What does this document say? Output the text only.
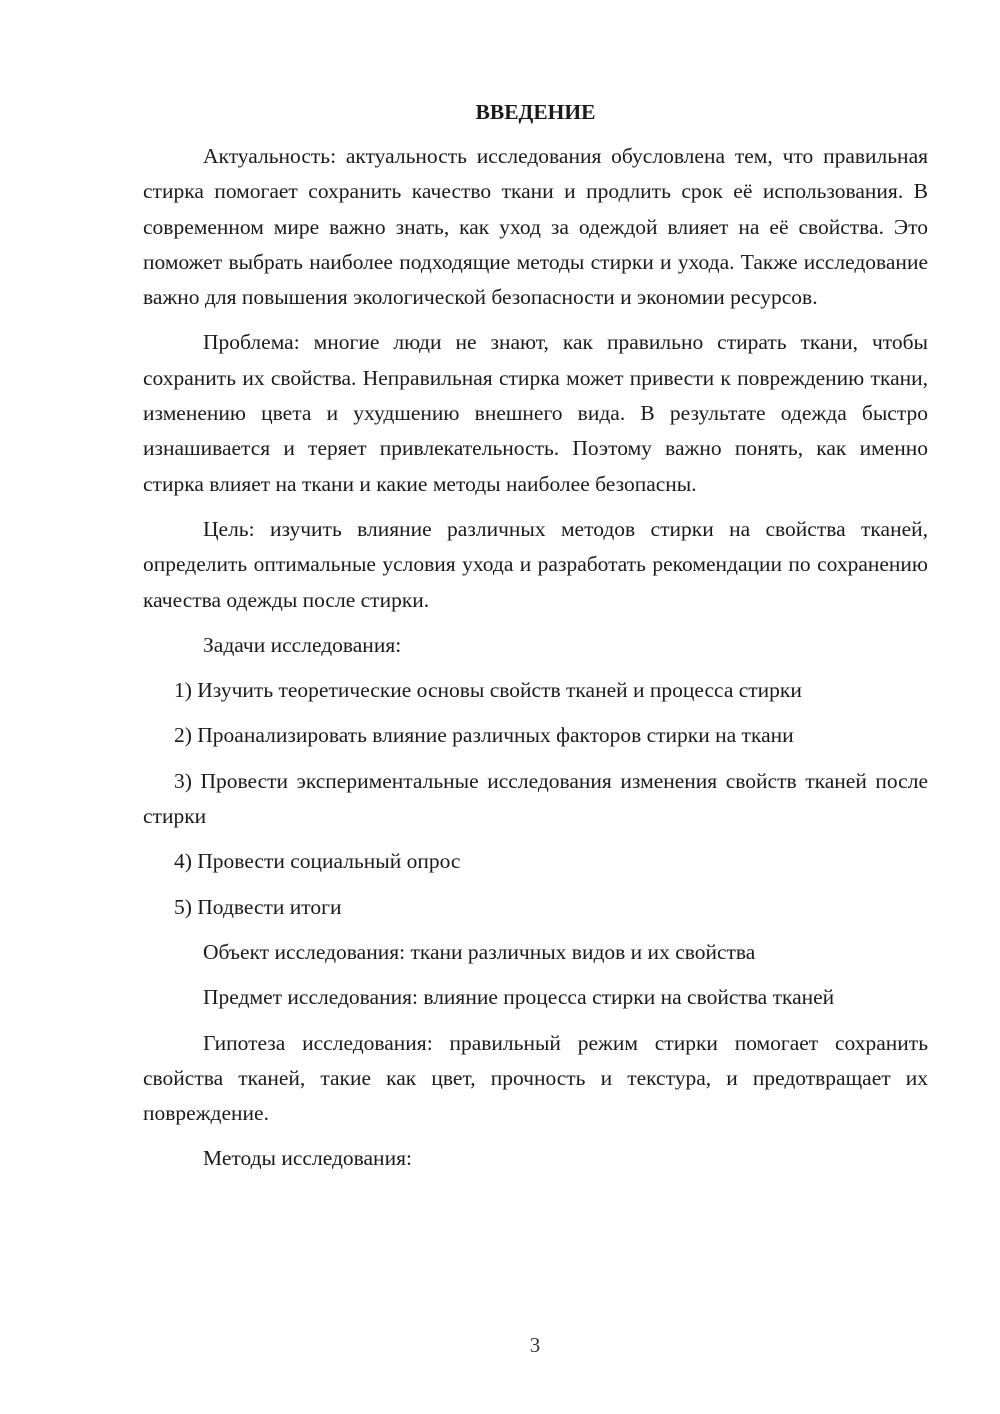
ВВЕДЕНИЕ

Актуальность: актуальность исследования обусловлена тем, что правильная стирка помогает сохранить качество ткани и продлить срок её использования. В современном мире важно знать, как уход за одеждой влияет на её свойства. Это поможет выбрать наиболее подходящие методы стирки и ухода. Также исследование важно для повышения экологической безопасности и экономии ресурсов.

Проблема: многие люди не знают, как правильно стирать ткани, чтобы сохранить их свойства. Неправильная стирка может привести к повреждению ткани, изменению цвета и ухудшению внешнего вида. В результате одежда быстро изнашивается и теряет привлекательность. Поэтому важно понять, как именно стирка влияет на ткани и какие методы наиболее безопасны.

Цель: изучить влияние различных методов стирки на свойства тканей, определить оптимальные условия ухода и разработать рекомендации по сохранению качества одежды после стирки.

Задачи исследования:

1) Изучить теоретические основы свойств тканей и процесса стирки

2) Проанализировать влияние различных факторов стирки на ткани

3) Провести экспериментальные исследования изменения свойств тканей после стирки

4) Провести социальный опрос

5) Подвести итоги

Объект исследования: ткани различных видов и их свойства

Предмет исследования: влияние процесса стирки на свойства тканей

Гипотеза исследования: правильный режим стирки помогает сохранить свойства тканей, такие как цвет, прочность и текстура, и предотвращает их повреждение.

Методы исследования:

3
